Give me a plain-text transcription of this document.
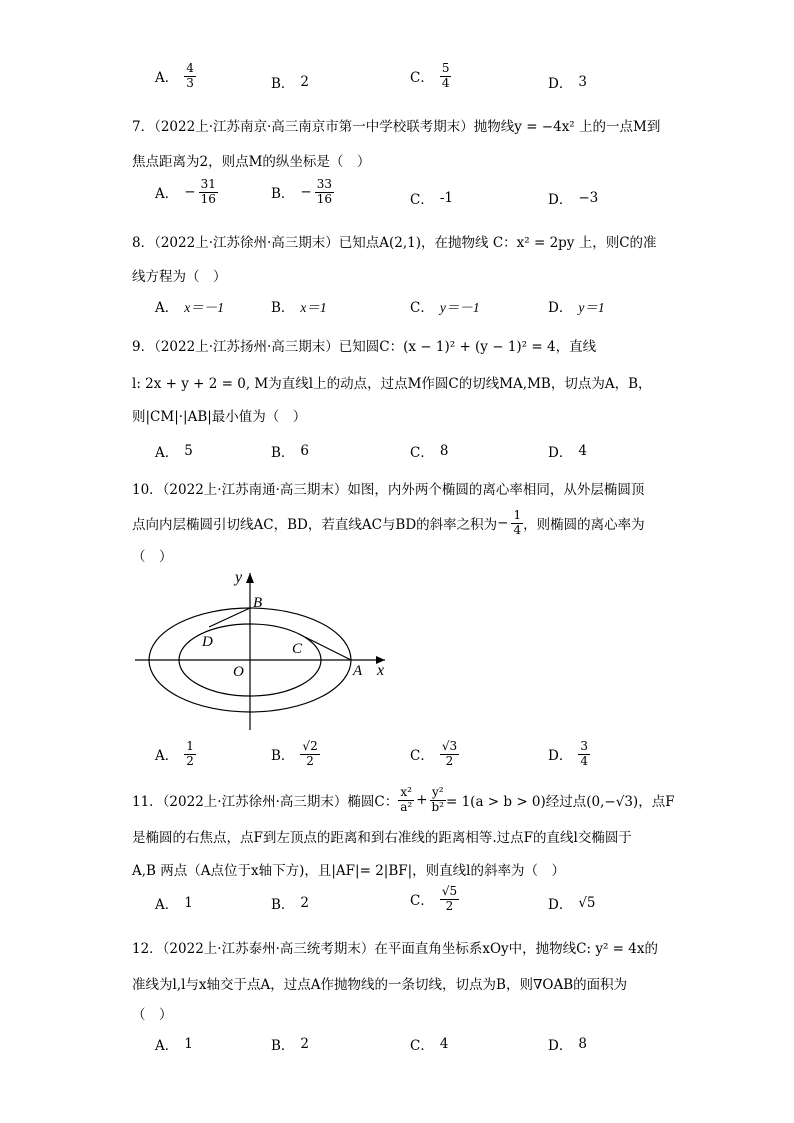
A． $\frac{4}{3}$	B． 2	C． $\frac{5}{4}$	D． 3
7．（2022上·江苏南京·高三南京市第一中学校联考期末）抛物线y = −4x² 上的一点M到
焦点距离为2，则点M的纵坐标是（　）
A． − $\frac{31}{16}$	B． − $\frac{33}{16}$	C． -1	D． −3
8．（2022上·江苏徐州·高三期末）已知点A(2,1)，在抛物线 C：x² = 2py 上，则C的准
线方程为（　）
A． x＝－1	B． x＝1	C． y＝－1	D． y＝1
9．（2022上·江苏扬州·高三期末）已知圆C：(x − 1)² + (y − 1)² = 4，直线
l: 2x + y + 2 = 0, M为直线l上的动点，过点M作圆C的切线MA,MB，切点为A，B，
则|CM|·|AB|最小值为（　）
A． 5	B． 6	C． 8	D． 4
10．（2022上·江苏南通·高三期末）如图，内外两个椭圆的离心率相同，从外层椭圆顶
点向内层椭圆引切线AC，BD，若直线AC与BD的斜率之积为 − $\frac{1}{4}$ ，则椭圆的离心率为
（　）
y
x
B
D	C
O	A
A． $\frac{1}{2}$	B． $\frac{√2}{2}$	C． $\frac{√3}{2}$	D． $\frac{3}{4}$
11．（2022上·江苏徐州·高三期末）椭圆C： $\frac{\text{x²}}{\text{a²}} + \frac{\text{y²}}{\text{b²}} = 1(a > b > 0)$经过点(0,−√3)，点F
是椭圆的右焦点，点F到左顶点的距离和到右准线的距离相等.过点F的直线l交椭圆于
A,B 两点（A点位于x轴下方)，且|AF|= 2|BF|，则直线l的斜率为（　）
A． 1	B． 2	C． $\frac{√5}{2}$	D． √5
12．（2022上·江苏泰州·高三统考期末）在平面直角坐标系xOy中，抛物线C: y² = 4x的
准线为l,l与x轴交于点A，过点A作抛物线的一条切线，切点为B，则∇OAB的面积为
（　）
A． 1	B． 2	C． 4	D． 8
